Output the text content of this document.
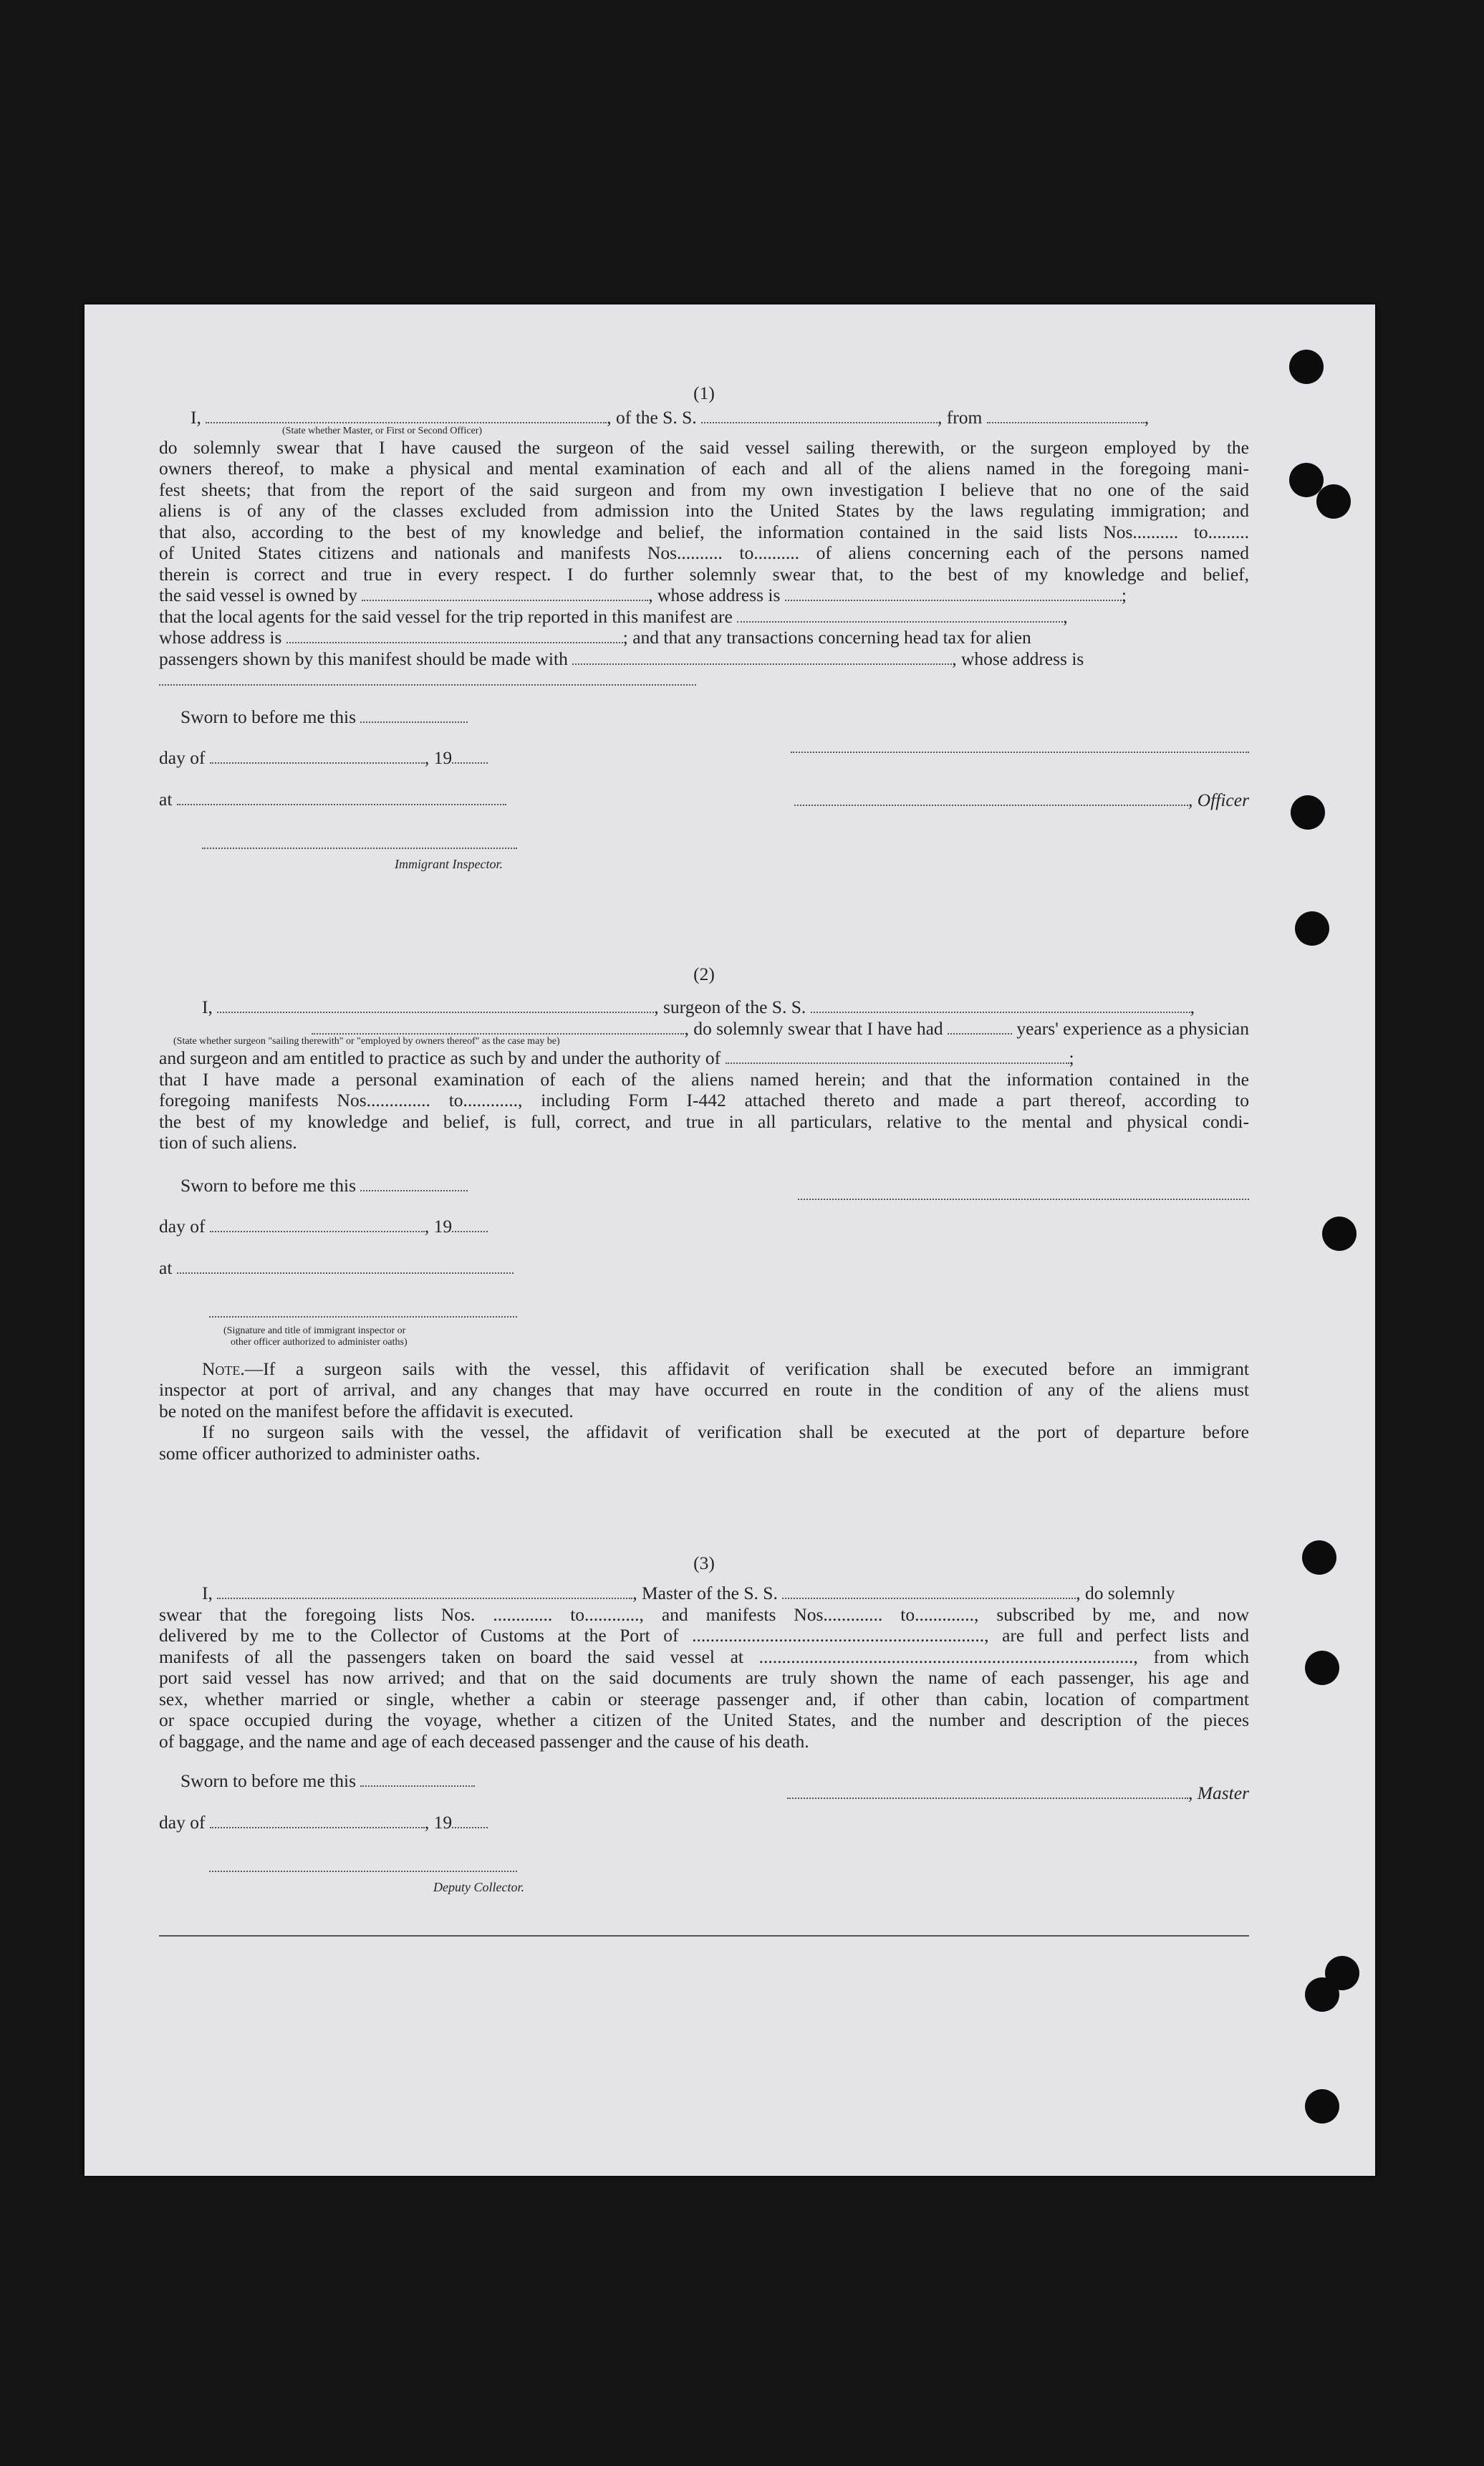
(1)

I,	, of the S. S.	, from	,

(State whether Master, or First or Second Officer)

do solemnly swear that I have caused the surgeon of the said vessel sailing therewith, or the surgeon employed by the

owners thereof, to make a physical and mental examination of each and all of the aliens named in the foregoing mani-

fest sheets; that from the report of the said surgeon and from my own investigation I believe that no one of the said

aliens is of any of the classes excluded from admission into the United States by the laws regulating immigration; and

that also, according to the best of my knowledge and belief, the information contained in the said lists Nos.......... to.........

of United States citizens and nationals and manifests Nos.......... to.......... of aliens concerning each of the persons named

therein is correct and true in every respect. I do further solemnly swear that, to the best of my knowledge and belief,

the said vessel is owned by	, whose address is	;

that the local agents for the said vessel for the trip reported in this manifest are	,

whose address is	; and that any transactions concerning head tax for alien

passengers shown by this manifest should be made with	, whose address is

Sworn to before me this

day of	, 19

at

Immigrant Inspector.

, Officer

(2)

I,	, surgeon of the S. S.	,

, do solemnly swear that I have had	years' experience as a physician

(State whether surgeon "sailing therewith" or "employed by owners thereof" as the case may be)

and surgeon and am entitled to practice as such by and under the authority of	;

that I have made a personal examination of each of the aliens named herein; and that the information contained in the

foregoing manifests Nos.............. to............, including Form I-442 attached thereto and made a part thereof, according to

the best of my knowledge and belief, is full, correct, and true in all particulars, relative to the mental and physical condi-

tion of such aliens.

Sworn to before me this

day of	, 19

at

(Signature and title of immigrant inspector or

other officer authorized to administer oaths)

Note.—If a surgeon sails with the vessel, this affidavit of verification shall be executed before an immigrant

inspector at port of arrival, and any changes that may have occurred en route in the condition of any of the aliens must

be noted on the manifest before the affidavit is executed.

If no surgeon sails with the vessel, the affidavit of verification shall be executed at the port of departure before

some officer authorized to administer oaths.

(3)

I,	, Master of the S. S.	, do solemnly

swear that the foregoing lists Nos. ............. to............, and manifests Nos............. to............., subscribed by me, and now

delivered by me to the Collector of Customs at the Port of ................................................................, are full and perfect lists and

manifests of all the passengers taken on board the said vessel at .................................................................................., from which

port said vessel has now arrived; and that on the said documents are truly shown the name of each passenger, his age and

sex, whether married or single, whether a cabin or steerage passenger and, if other than cabin, location of compartment

or space occupied during the voyage, whether a citizen of the United States, and the number and description of the pieces

of baggage, and the name and age of each deceased passenger and the cause of his death.

Sworn to before me this

day of	, 19

Deputy Collector.

, Master
